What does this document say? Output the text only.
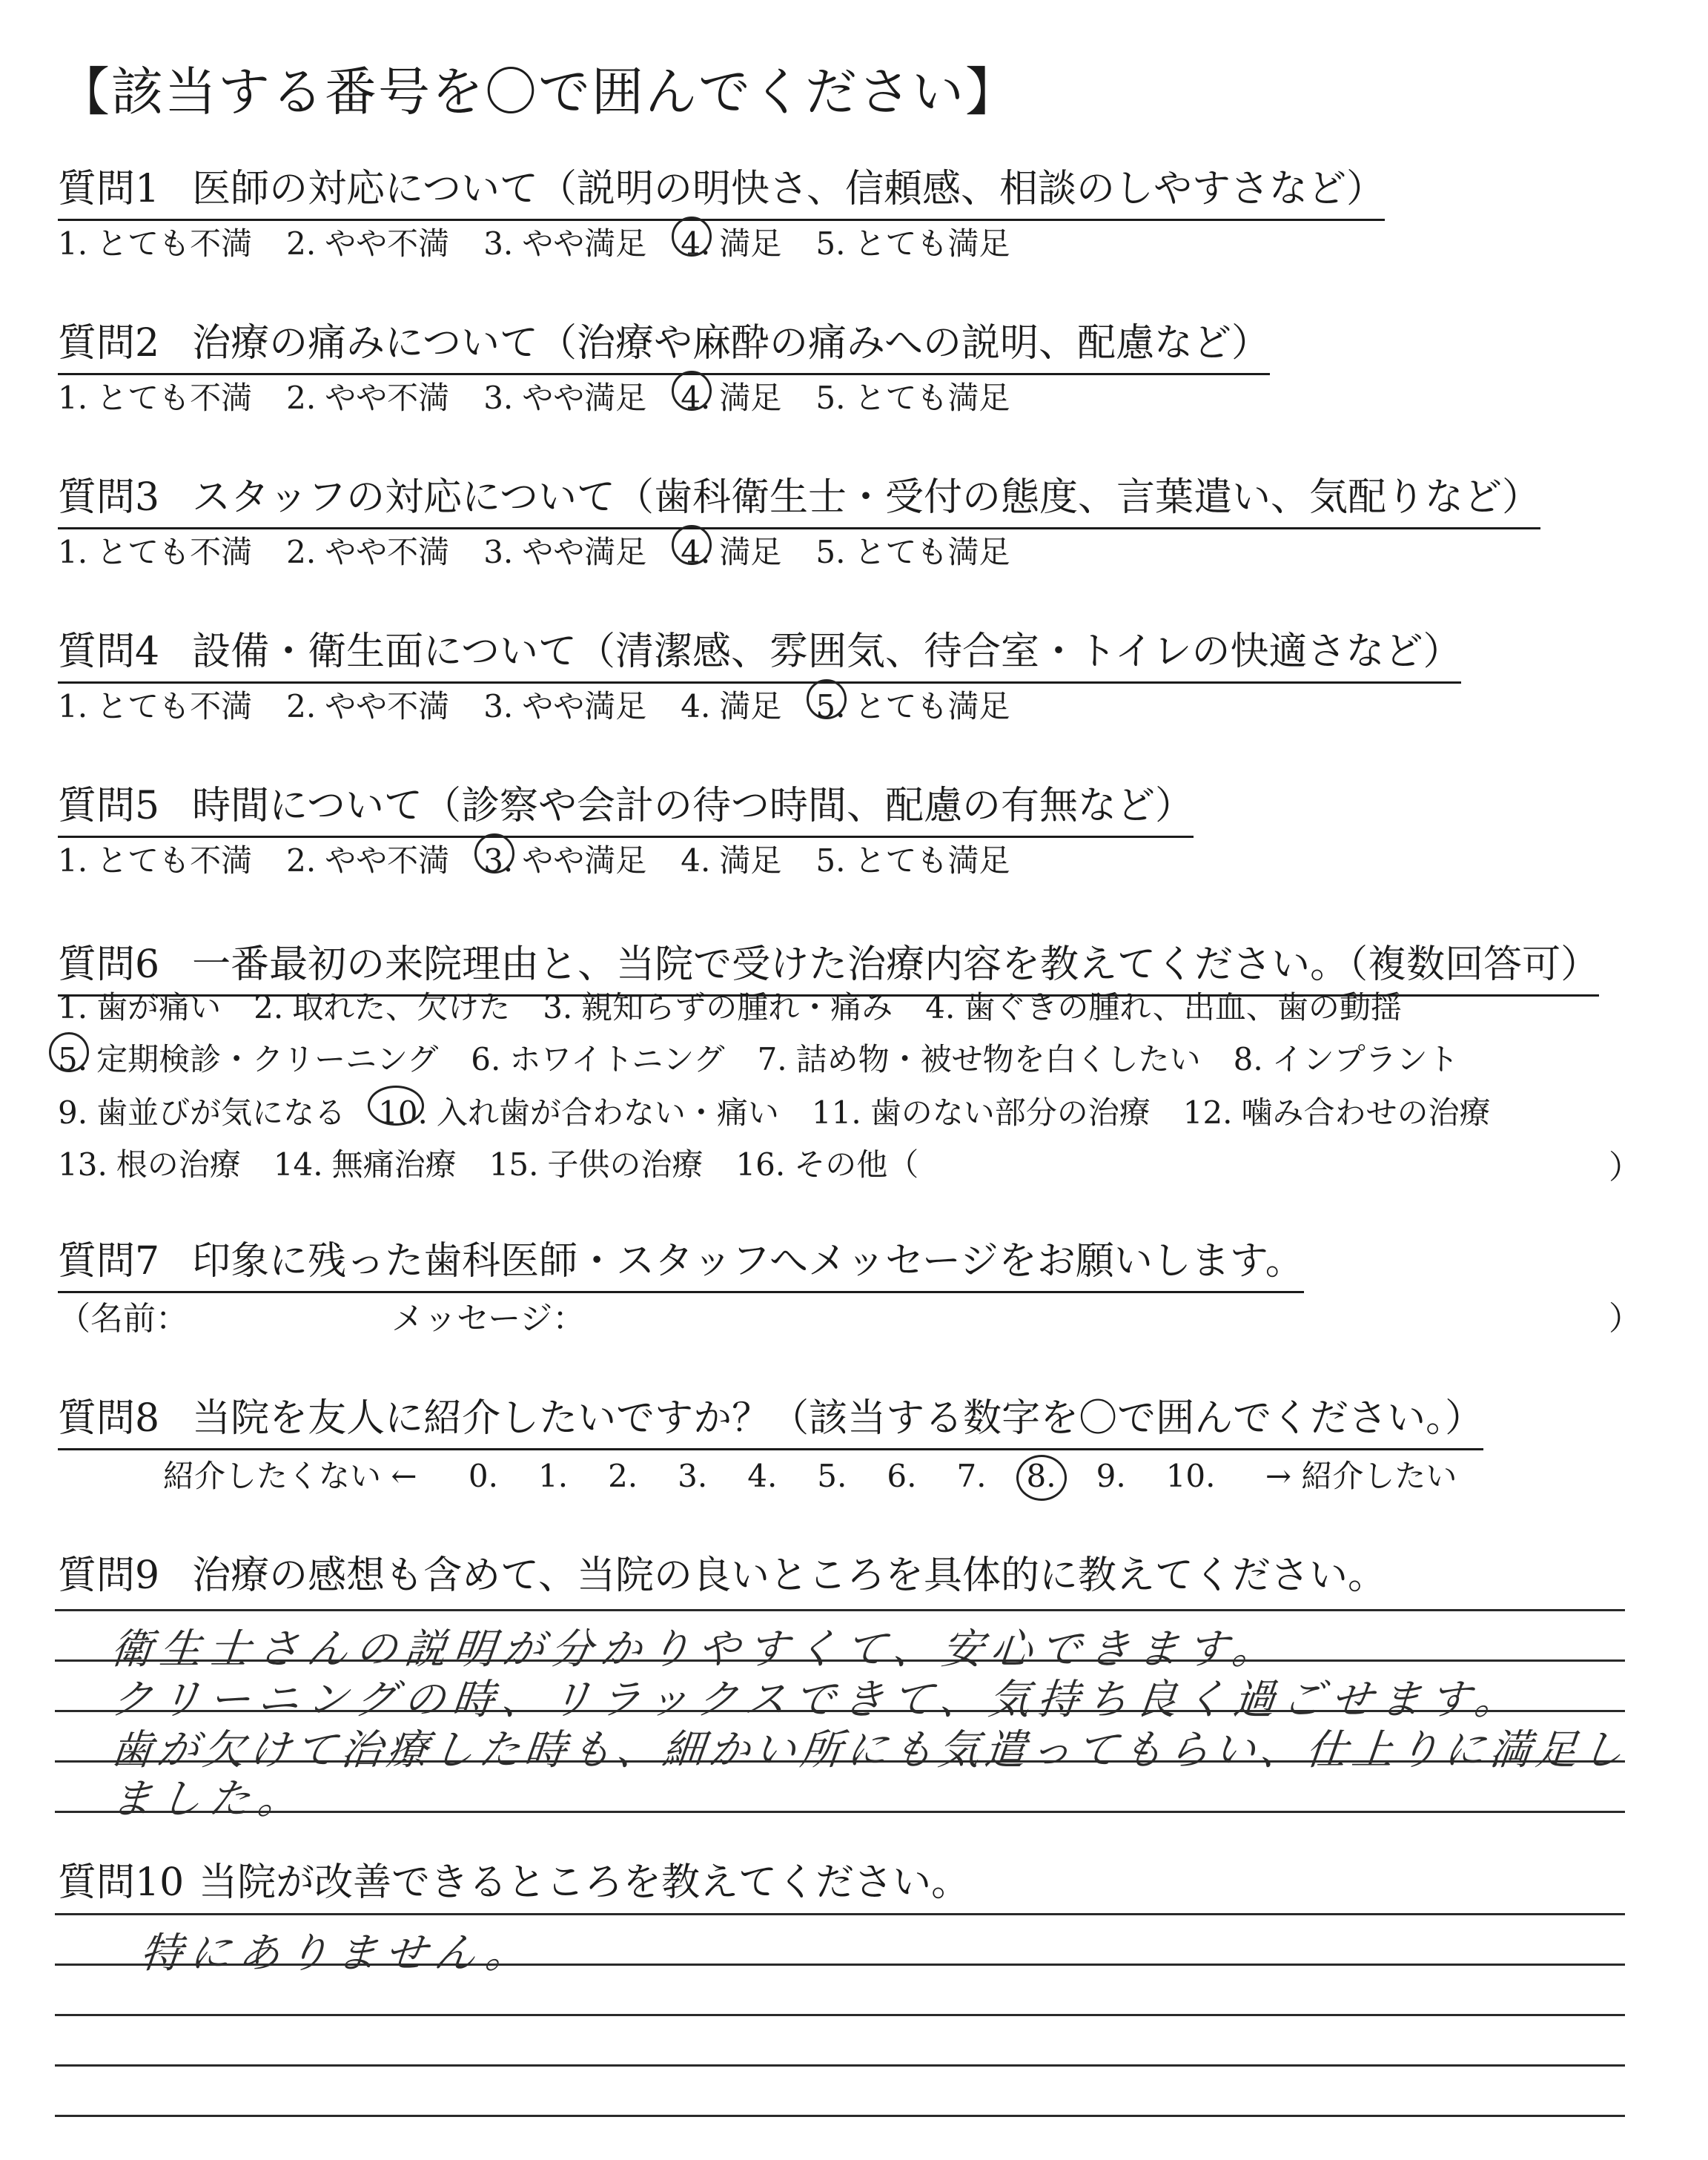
【該当する番号を〇で囲んでください】
質問1 医師の対応について（説明の明快さ、信頼感、相談のしやすさなど）
1. とても不満 2. やや不満 3. やや満足 4. 満足 5. とても満足
質問2 治療の痛みについて（治療や麻酔の痛みへの説明、配慮など）
1. とても不満 2. やや不満 3. やや満足 4. 満足 5. とても満足
質問3 スタッフの対応について（歯科衛生士・受付の態度、言葉遣い、気配りなど）
1. とても不満 2. やや不満 3. やや満足 4. 満足 5. とても満足
質問4 設備・衛生面について（清潔感、雰囲気、待合室・トイレの快適さなど）
1. とても不満 2. やや不満 3. やや満足 4. 満足 5. とても満足
質問5 時間について（診察や会計の待つ時間、配慮の有無など）
1. とても不満 2. やや不満 3. やや満足 4. 満足 5. とても満足
質問6 一番最初の来院理由と、当院で受けた治療内容を教えてください。（複数回答可）
1. 歯が痛い 2. 取れた、欠けた 3. 親知らずの腫れ・痛み 4. 歯ぐきの腫れ、出血、歯の動揺
5. 定期検診・クリーニング 6. ホワイトニング 7. 詰め物・被せ物を白くしたい 8. インプラント
9. 歯並びが気になる 10. 入れ歯が合わない・痛い 11. 歯のない部分の治療 12. 噛み合わせの治療
13. 根の治療 14. 無痛治療 15. 子供の治療 16. その他（	）
質問7 印象に残った歯科医師・スタッフへメッセージをお願いします。
（名前：	メッセージ：	）
質問8 当院を友人に紹介したいですか？（該当する数字を〇で囲んでください。）
紹介したくない ← 0. 1. 2. 3. 4. 5. 6. 7. 8. 9. 10. → 紹介したい
質問9 治療の感想も含めて、当院の良いところを具体的に教えてください。
衛生士さんの説明が分かりやすくて、安心できます。
クリーニングの時、リラックスできて、気持ち良く過ごせます。
歯が欠けて治療した時も、細かい所にも気遣ってもらい、仕上りに満足し
ました。
質問10 当院が改善できるところを教えてください。
特にありません。
